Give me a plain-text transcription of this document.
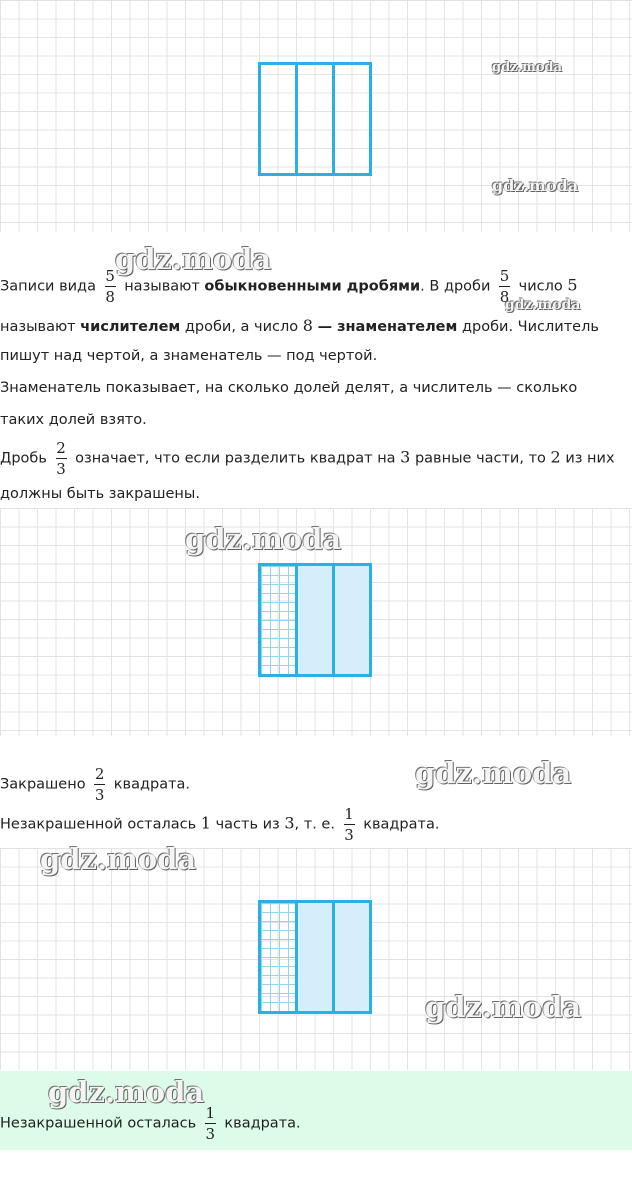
gdz.moda
gdz.moda
gdz.moda
Записи вида $\frac{5}{8}$ называют обыкновенными дробями. В дроби $\frac{5}{8}$ число 5
gdz.moda
называют числителем дроби, а число 8 — знаменателем дроби. Числитель
пишут над чертой, а знаменатель — под чертой.
Знаменатель показывает, на сколько долей делят, а числитель — сколько
таких долей взято.
Дробь $\frac{2}{3}$ означает, что если разделить квадрат на 3 равные части, то 2 из них
должны быть закрашены.
gdz.moda
gdz.moda
Закрашено $\frac{2}{3}$ квадрата.
Незакрашенной осталась 1 часть из 3, т. е. $\frac{1}{3}$ квадрата.
gdz.moda
gdz.moda
gdz.moda
Незакрашенной осталась $\frac{1}{3}$ квадрата.
